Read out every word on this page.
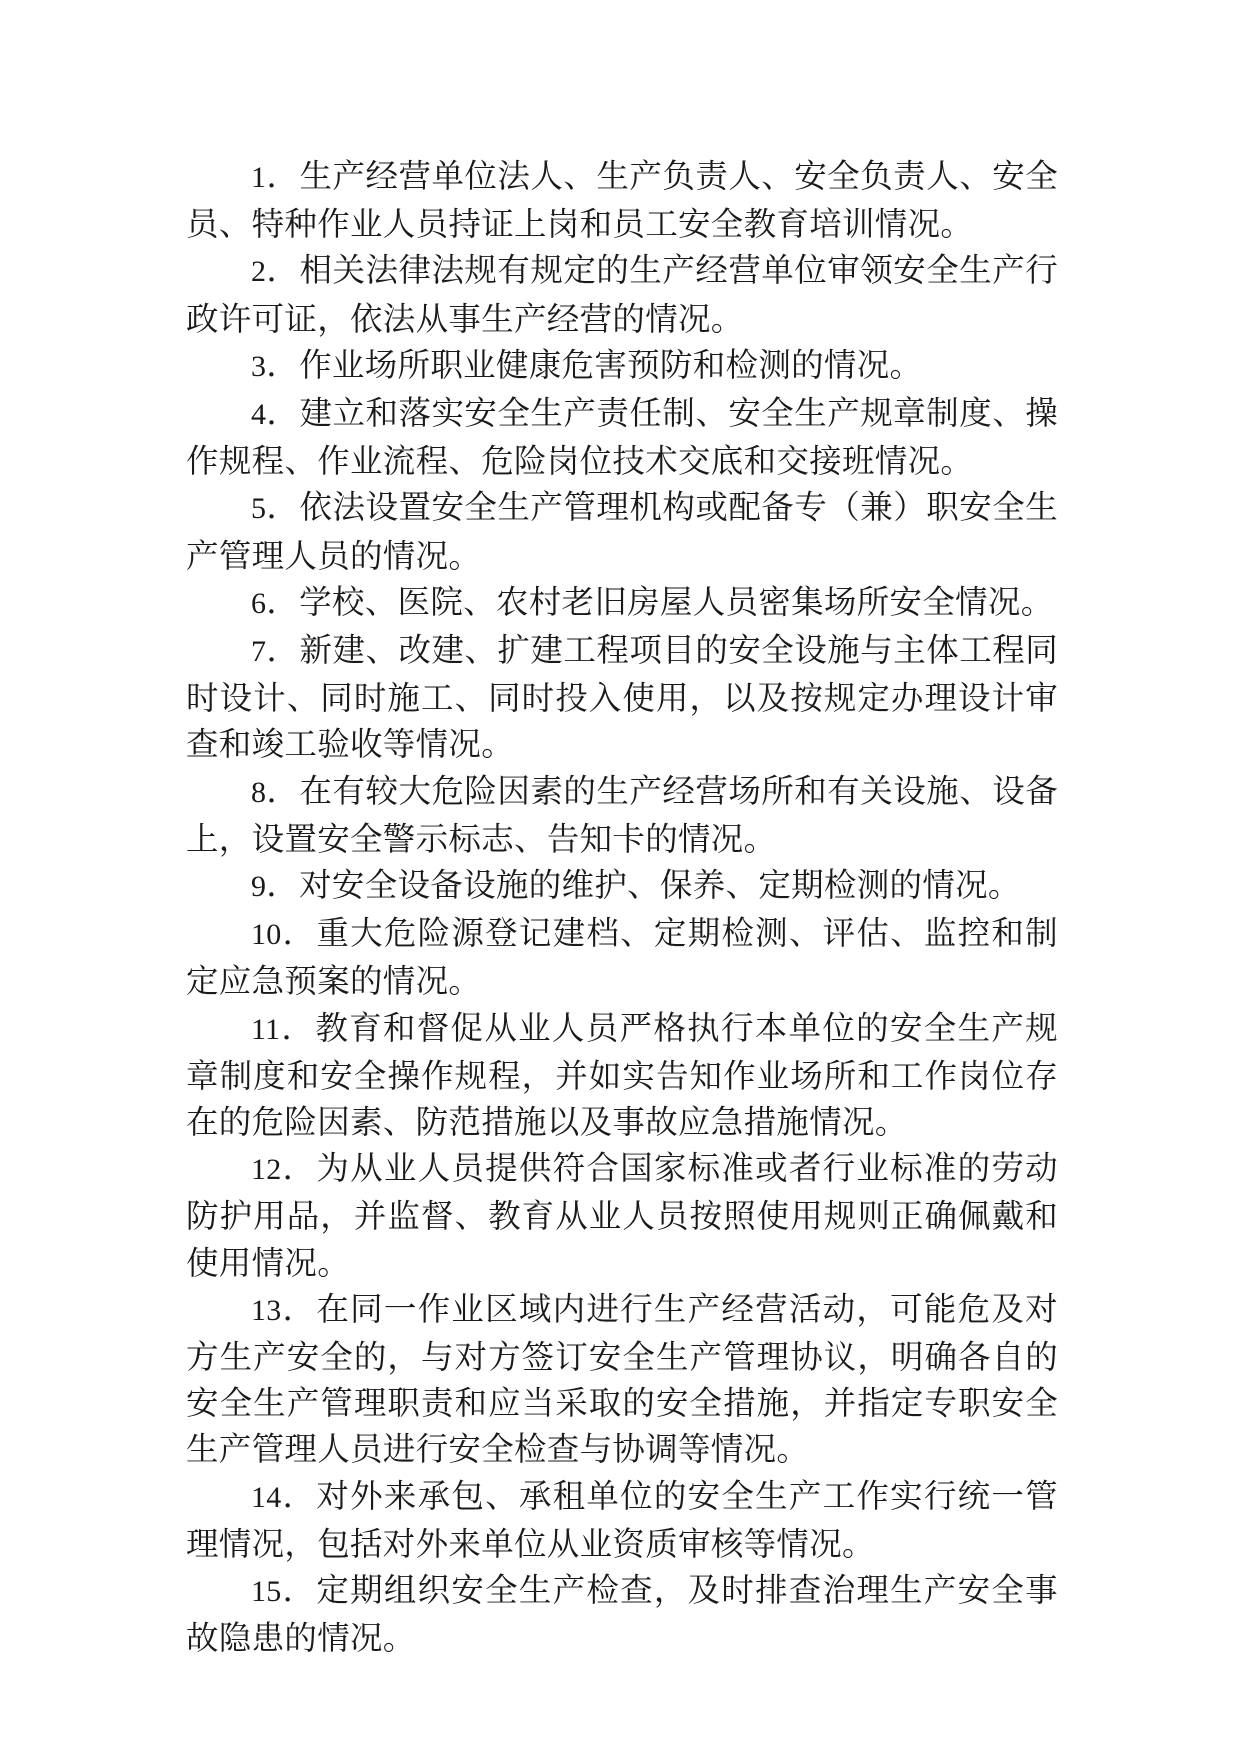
1．生产经营单位法人、生产负责人、安全负责人、安全员、特种作业人员持证上岗和员工安全教育培训情况。

2．相关法律法规有规定的生产经营单位审领安全生产行政许可证，依法从事生产经营的情况。

3．作业场所职业健康危害预防和检测的情况。

4．建立和落实安全生产责任制、安全生产规章制度、操作规程、作业流程、危险岗位技术交底和交接班情况。

5．依法设置安全生产管理机构或配备专（兼）职安全生产管理人员的情况。

6．学校、医院、农村老旧房屋人员密集场所安全情况。

7．新建、改建、扩建工程项目的安全设施与主体工程同时设计、同时施工、同时投入使用，以及按规定办理设计审查和竣工验收等情况。

8．在有较大危险因素的生产经营场所和有关设施、设备上，设置安全警示标志、告知卡的情况。

9．对安全设备设施的维护、保养、定期检测的情况。

10．重大危险源登记建档、定期检测、评估、监控和制定应急预案的情况。

11．教育和督促从业人员严格执行本单位的安全生产规章制度和安全操作规程，并如实告知作业场所和工作岗位存在的危险因素、防范措施以及事故应急措施情况。

12．为从业人员提供符合国家标准或者行业标准的劳动防护用品，并监督、教育从业人员按照使用规则正确佩戴和使用情况。

13．在同一作业区域内进行生产经营活动，可能危及对方生产安全的，与对方签订安全生产管理协议，明确各自的安全生产管理职责和应当采取的安全措施，并指定专职安全生产管理人员进行安全检查与协调等情况。

14．对外来承包、承租单位的安全生产工作实行统一管理情况，包括对外来单位从业资质审核等情况。

15．定期组织安全生产检查，及时排查治理生产安全事故隐患的情况。
